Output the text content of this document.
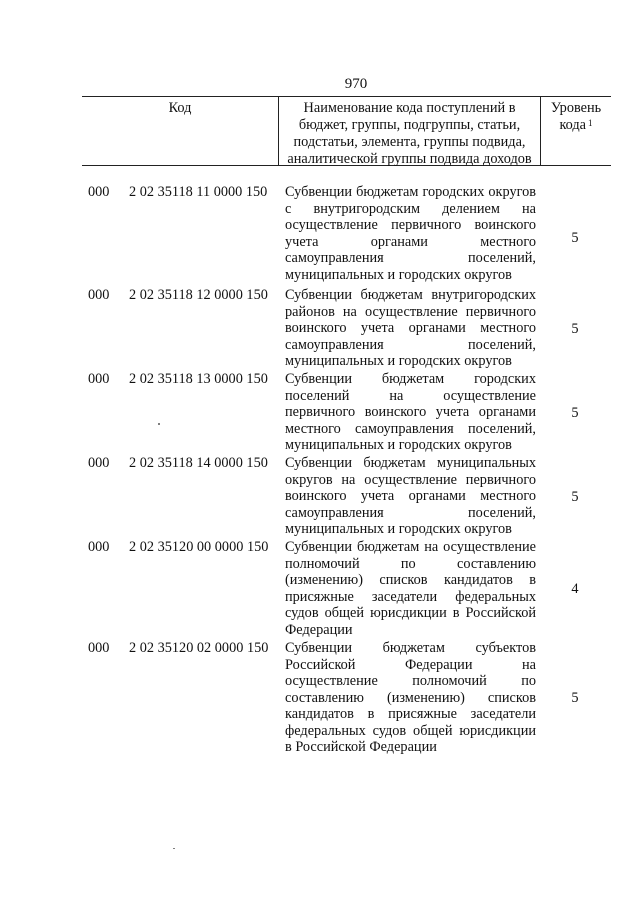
970
Код	Наименование кода поступлений в бюджет, группы, подгруппы, статьи, подстатьи, элемента, группы подвида, аналитической группы подвида доходов
Уровень кода $^1$
000 2 02 35118 11 0000 150 Субвенции бюджетам городских округов с внутригородским делением на осуществление первичного воинского учета органами местного самоуправления поселений, муниципальных и городских округов
5
000 2 02 35118 12 0000 150 Субвенции бюджетам внутригородских районов на осуществление первичного воинского учета органами местного самоуправления поселений, муниципальных и городских округов
5
000 2 02 35118 13 0000 150 Субвенции бюджетам городских поселений на осуществление первичного воинского учета органами местного самоуправления поселений, муниципальных и городских округов
5
000 2 02 35118 14 0000 150 Субвенции бюджетам муниципальных округов на осуществление первичного воинского учета органами местного самоуправления поселений, муниципальных и городских округов
5
000 2 02 35120 00 0000 150 Субвенции бюджетам на осуществление полномочий по составлению (изменению) списков кандидатов в присяжные заседатели федеральных судов общей юрисдикции в Российской Федерации
4
000 2 02 35120 02 0000 150 Субвенции бюджетам субъектов Российской Федерации на осуществление полномочий по составлению (изменению) списков кандидатов в присяжные заседатели федеральных судов общей юрисдикции в Российской Федерации
5
